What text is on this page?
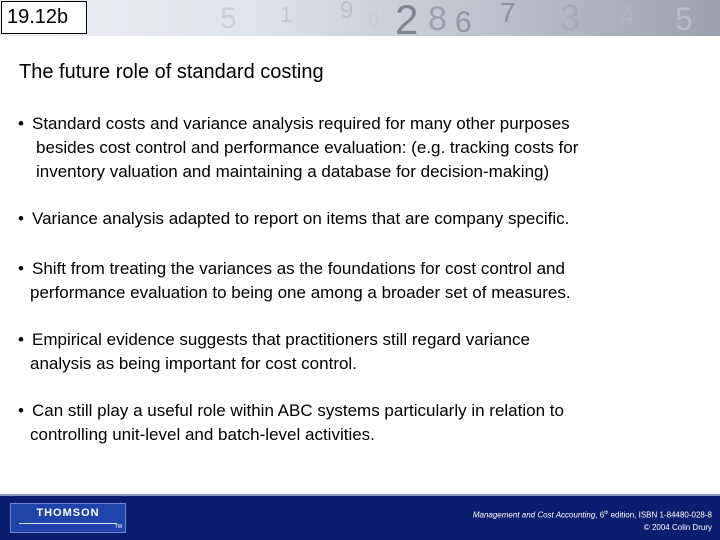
5 1 9 0 2 8 6 7 3 4 5
19.12b
The future role of standard costing
• Standard costs and variance analysis required for many other purposes
besides cost control and performance evaluation: (e.g. tracking costs for
inventory valuation and maintaining a database for decision-making)
• Variance analysis adapted to report on items that are company specific.
• Shift from treating the variances as the foundations for cost control and
performance evaluation to being one among a broader set of measures.
• Empirical evidence suggests that practitioners still regard variance
analysis as being important for cost control.
• Can still play a useful role within ABC systems particularly in relation to
controlling unit-level and batch-level activities.
THOMSON
TM
Management and Cost Accounting, 6th edition, ISBN 1-84480-028-8
© 2004 Colin Drury
